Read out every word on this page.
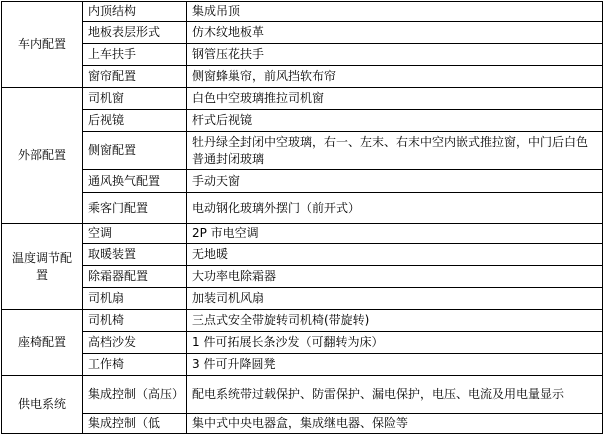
车内配置	内顶结构	集成吊顶
	地板表层形式	仿木纹地板革
	上车扶手	钢管压花扶手
	窗帘配置	侧窗蜂巢帘，前风挡软布帘
外部配置	司机窗	白色中空玻璃推拉司机窗
	后视镜	杆式后视镜
	侧窗配置	牡丹绿全封闭中空玻璃，右一、左末、右末中空内嵌式推拉窗，中门后白色普通封闭玻璃
	通风换气配置	手动天窗
	乘客门配置	电动钢化玻璃外摆门（前开式）
温度调节配置	空调	2P 市电空调
	取暖装置	无地暖
	除霜器配置	大功率电除霜器
	司机扇	加装司机风扇
座椅配置	司机椅	三点式安全带旋转司机椅(带旋转)
	高档沙发	1 件可拓展长条沙发（可翻转为床）
	工作椅	3 件可升降圆凳
供电系统	集成控制（高压）	配电系统带过载保护、防雷保护、漏电保护，电压、电流及用电量显示
	集成控制（低	集中式中央电器盒，集成继电器、保险等
